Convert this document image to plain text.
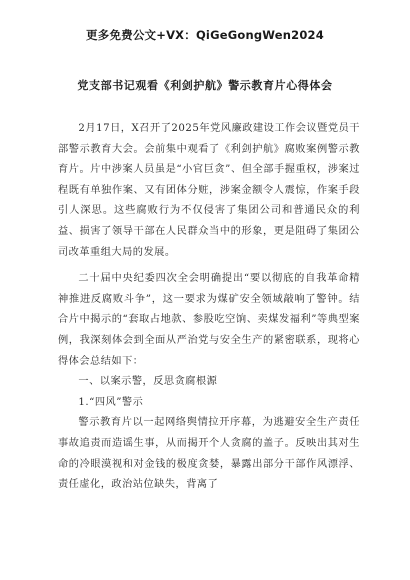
更多免费公文+VX：QiGeGongWen2024
党支部书记观看《利剑护航》警示教育片心得体会

2月17日，X召开了2025年党风廉政建设工作会议暨党员干部警示教育大会。会前集中观看了《利剑护航》腐败案例警示教育片。片中涉案人员虽是“小官巨贪”、但全部手握重权，涉案过程既有单独作案、又有团体分赃，涉案金额令人震惊，作案手段引人深思。这些腐败行为不仅侵害了集团公司和普通民众的利益、损害了领导干部在人民群众当中的形象，更是阻碍了集团公司改革重组大局的发展。

二十届中央纪委四次全会明确提出“要以彻底的自我革命精神推进反腐败斗争”，这一要求为煤矿安全领域敲响了警钟。结合片中揭示的“套取占地款、参股吃空饷、卖煤发福利”等典型案例，我深刻体会到全面从严治党与安全生产的紧密联系，现将心得体会总结如下：

一、以案示警，反思贪腐根源

1.“四风”警示

警示教育片以一起网络舆情拉开序幕，为逃避安全生产责任事故追责而造谣生事，从而揭开个人贪腐的盖子。反映出其对生命的冷眼漠视和对金钱的极度贪婪，暴露出部分干部作风漂浮、责任虚化，政治站位缺失，背离了
